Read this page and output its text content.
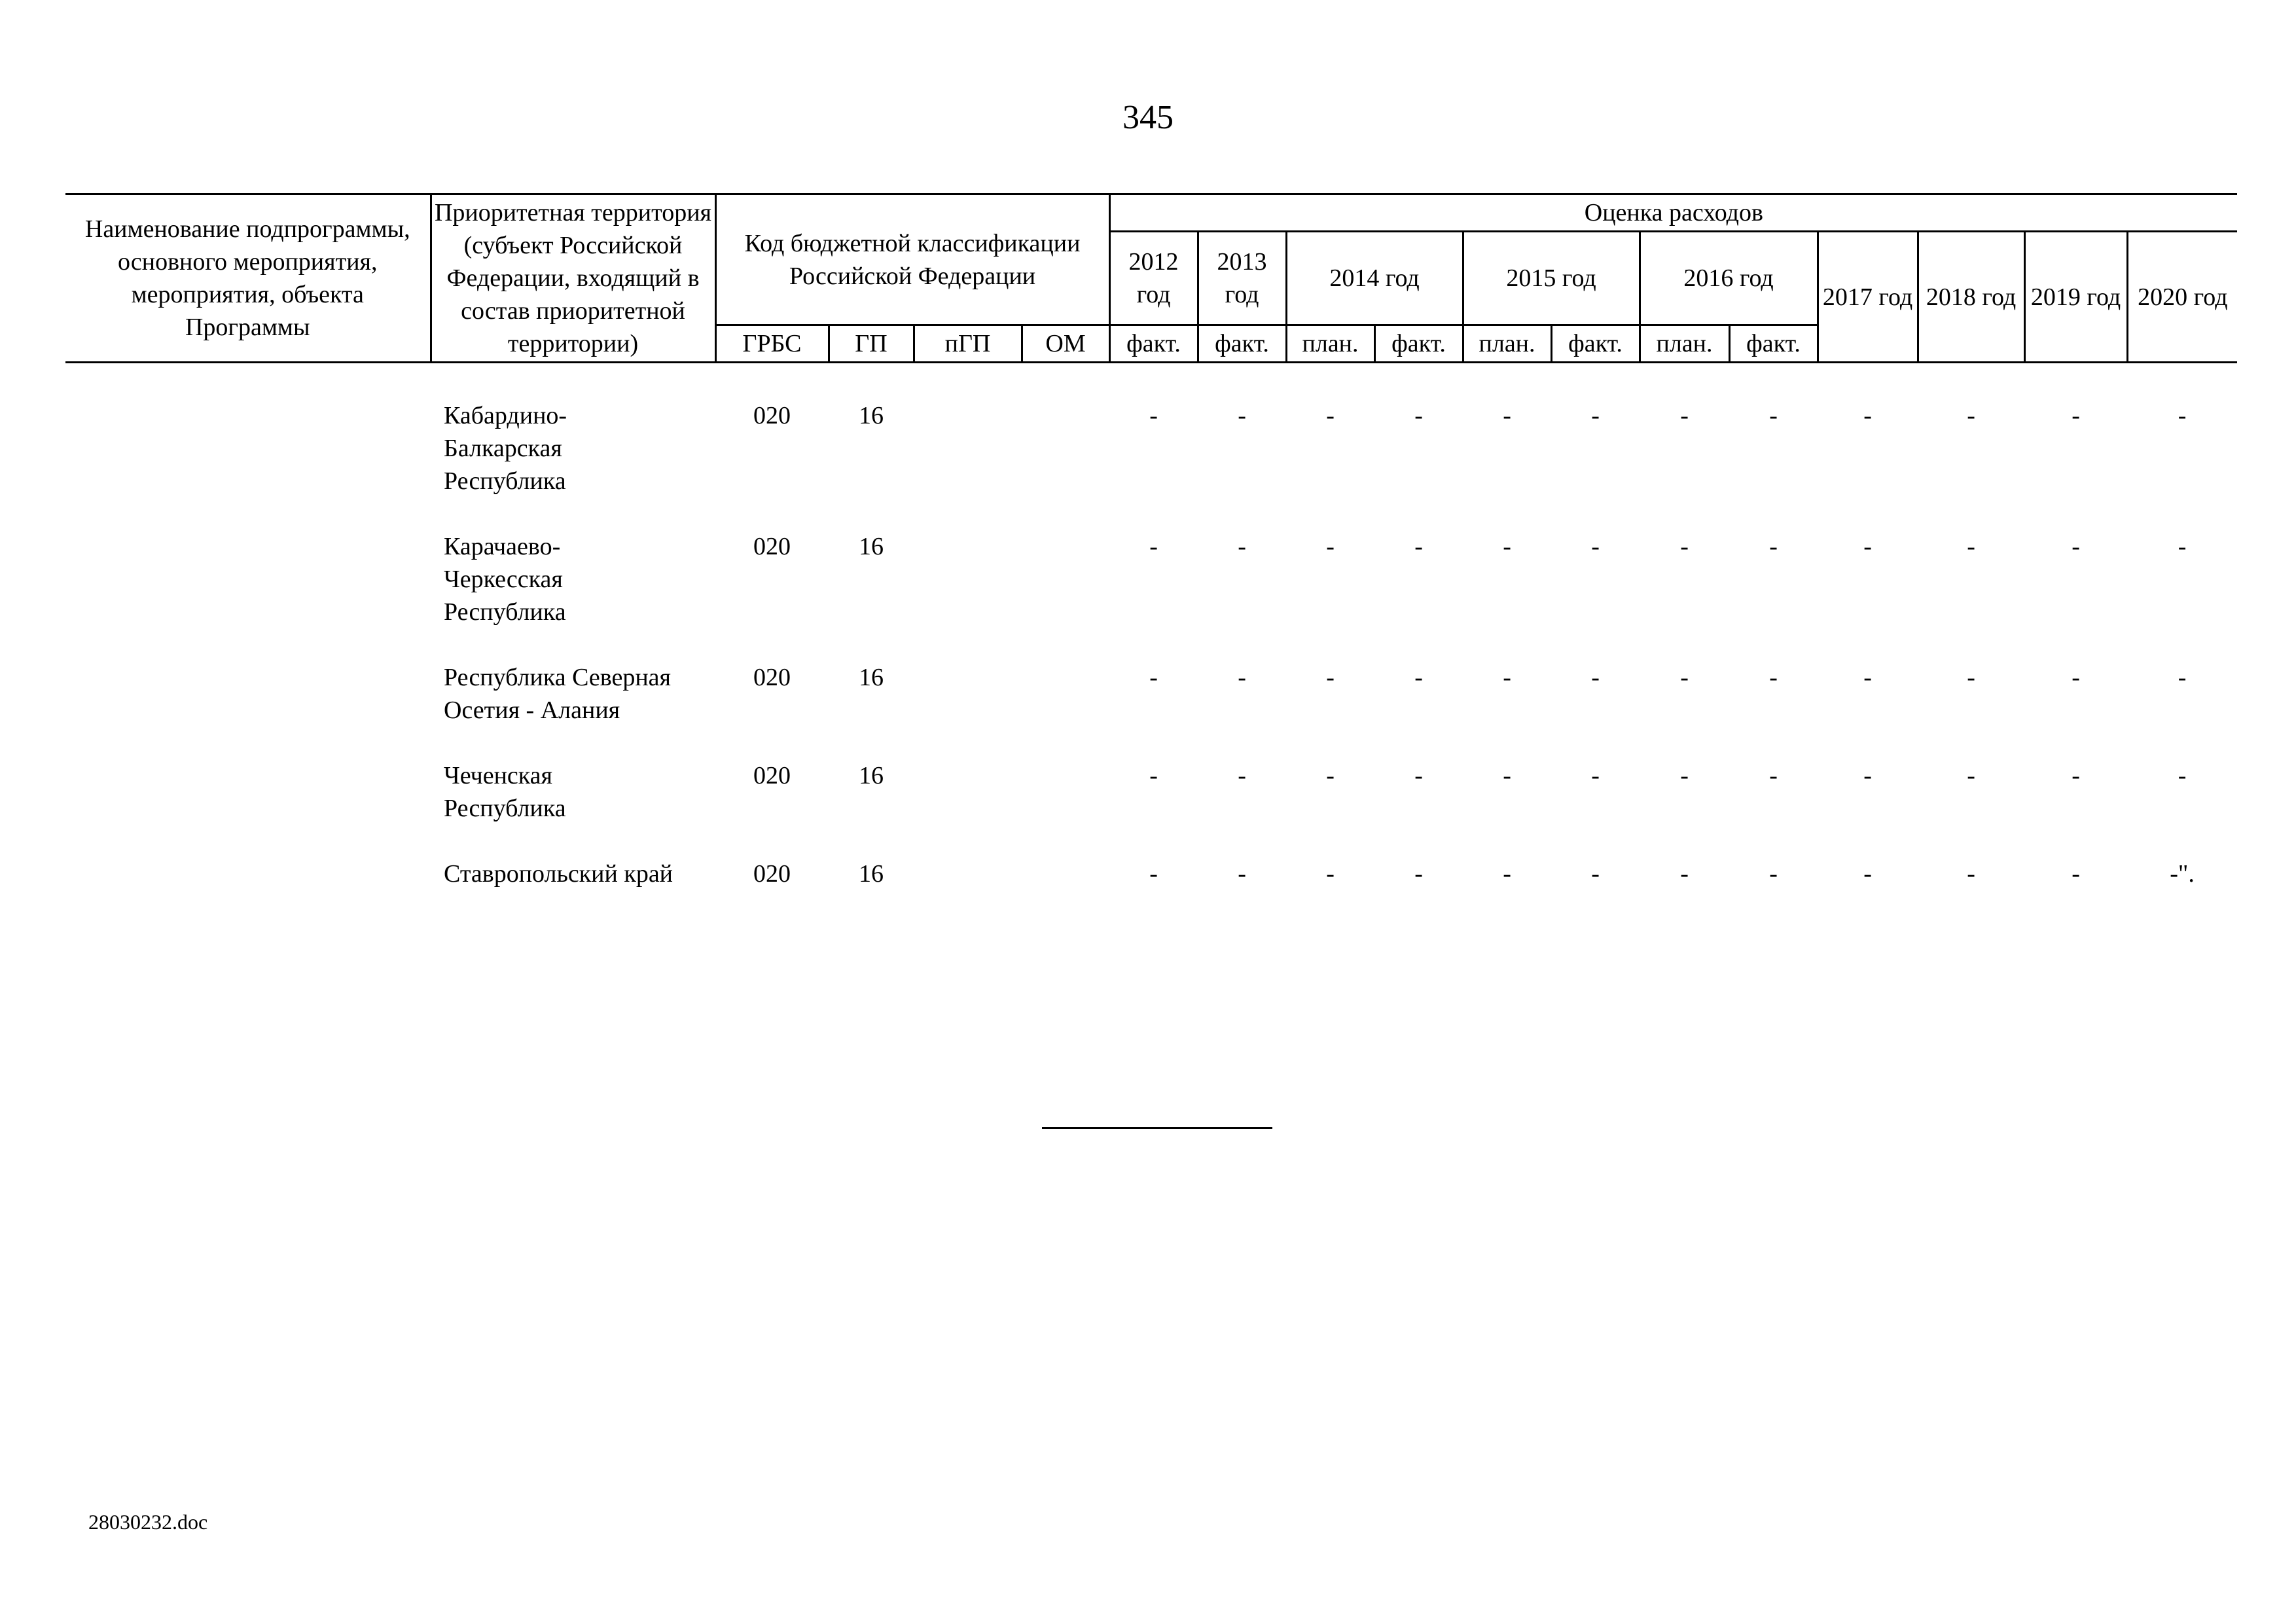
345
Наименование подпрограммы, основного мероприятия, мероприятия, объекта Программы	Приоритетная территория (субъект Российской Федерации, входящий в состав приоритетной территории)	Код бюджетной классификации Российской Федерации				Оценка расходов											
						2012 год	2013 год	2014 год		2015 год		2016 год		2017 год	2018 год	2019 год	2020 год
		ГРБС	ГП	пГП	ОМ	факт.	факт.	план.	факт.	план.	факт.	план.	факт.				
	Кабардино-
Балкарская
Республика	020	16			-	-	-	-	-	-	-	-	-	-	-	-
	Карачаево-
Черкесская
Республика	020	16			-	-	-	-	-	-	-	-	-	-	-	-
	Республика Северная
Осетия - Алания	020	16			-	-	-	-	-	-	-	-	-	-	-	-
	Чеченская
Республика	020	16			-	-	-	-	-	-	-	-	-	-	-	-
	Ставропольский край	020	16			-	-	-	-	-	-	-	-	-	-	-	-".
28030232.doc
